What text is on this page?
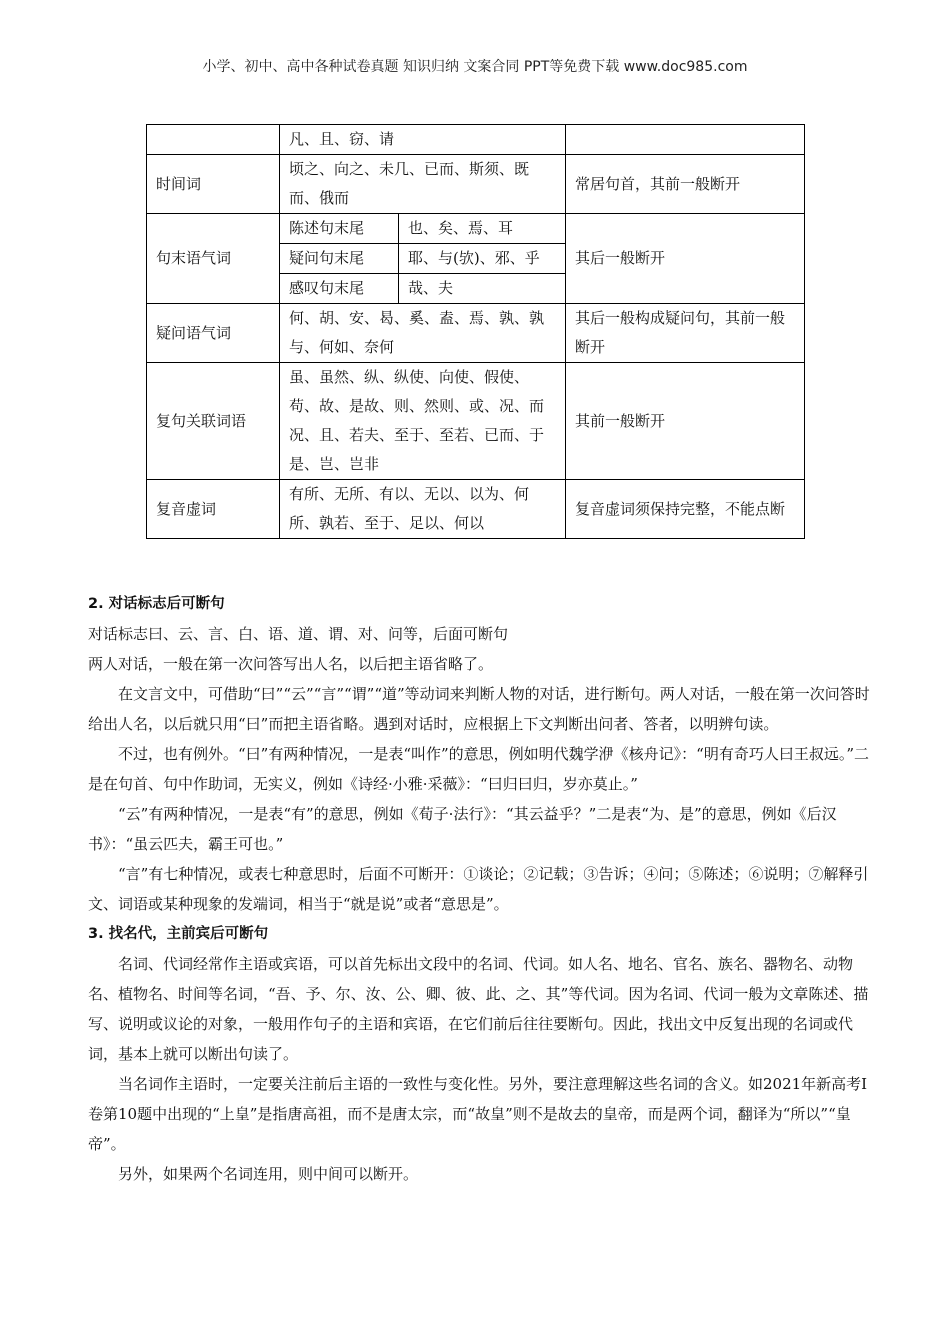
小学、初中、高中各种试卷真题 知识归纳 文案合同 PPT等免费下载 www.doc985.com
	凡、且、窃、请		
时间词	顷之、向之、未几、已而、斯须、既而、俄而		常居句首，其前一般断开
句末语气词	陈述句末尾	也、矣、焉、耳	其后一般断开
	疑问句末尾	耶、与(欤)、邪、乎	
	感叹句末尾	哉、夫	
疑问语气词	何、胡、安、曷、奚、盍、焉、孰、孰与、何如、奈何		其后一般构成疑问句，其前一般断开
复句关联词语	虽、虽然、纵、纵使、向使、假使、苟、故、是故、则、然则、或、况、而况、且、若夫、至于、至若、已而、于是、岂、岂非		其前一般断开
复音虚词	有所、无所、有以、无以、以为、何所、孰若、至于、足以、何以		复音虚词须保持完整，不能点断

2. 对话标志后可断句

对话标志曰、云、言、白、语、道、谓、对、问等，后面可断句

两人对话，一般在第一次问答写出人名，以后把主语省略了。

在文言文中，可借助“曰”“云”“言”“谓”“道”等动词来判断人物的对话，进行断句。两人对话，一般在第一次问答时给出人名，以后就只用“曰”而把主语省略。遇到对话时，应根据上下文判断出问者、答者，以明辨句读。

不过，也有例外。“曰”有两种情况，一是表“叫作”的意思，例如明代魏学洢《核舟记》：“明有奇巧人曰王叔远。”二是在句首、句中作助词，无实义，例如《诗经·小雅·采薇》：“曰归曰归，岁亦莫止。”

“云”有两种情况，一是表“有”的意思，例如《荀子·法行》：“其云益乎？”二是表“为、是”的意思，例如《后汉书》：“虽云匹夫，霸王可也。”

“言”有七种情况，或表七种意思时，后面不可断开：①谈论；②记载；③告诉；④问；⑤陈述；⑥说明；⑦解释引文、词语或某种现象的发端词，相当于“就是说”或者“意思是”。

3. 找名代，主前宾后可断句

名词、代词经常作主语或宾语，可以首先标出文段中的名词、代词。如人名、地名、官名、族名、器物名、动物名、植物名、时间等名词，“吾、予、尔、汝、公、卿、彼、此、之、其”等代词。因为名词、代词一般为文章陈述、描写、说明或议论的对象，一般用作句子的主语和宾语，在它们前后往往要断句。因此，找出文中反复出现的名词或代词，基本上就可以断出句读了。

当名词作主语时，一定要关注前后主语的一致性与变化性。另外，要注意理解这些名词的含义。如2021年新高考Ⅰ卷第10题中出现的“上皇”是指唐高祖，而不是唐太宗，而“故皇”则不是故去的皇帝，而是两个词，翻译为“所以”“皇帝”。

另外，如果两个名词连用，则中间可以断开。
